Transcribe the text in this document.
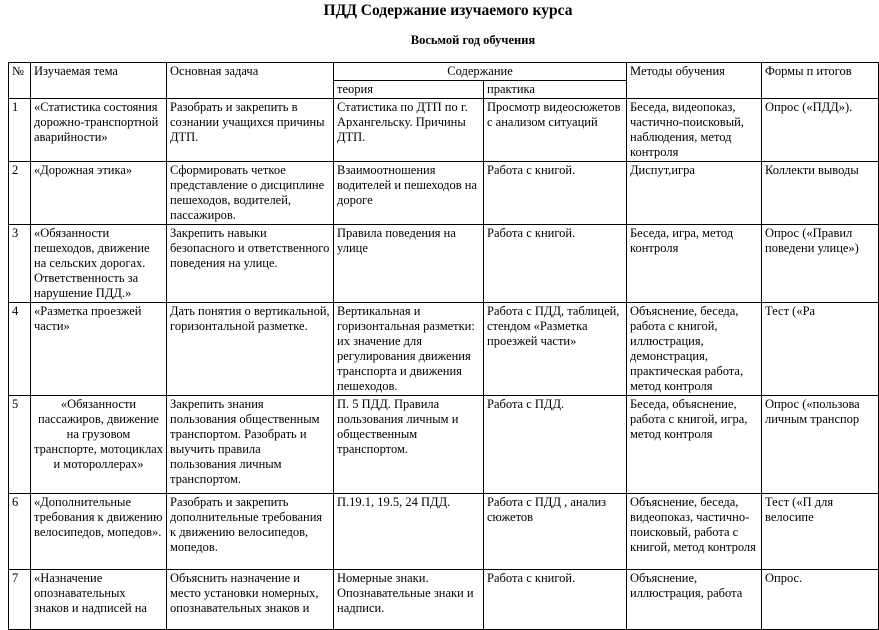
ПДД Содержание изучаемого курса
Восьмой год обучения
№	Изучаемая тема	Основная задача	Содержание		Методы обучения	Формы п итогов
			теория	практика		
1	«Статистика состояния дорожно-транспортной аварийности»	Разобрать и закрепить в сознании учащихся причины ДТП.	Статистика по ДТП по г. Архангельску. Причины ДТП.	Просмотр видеосюжетов с анализом ситуаций	Беседа, видеопоказ, частично-поисковый, наблюдения, метод контроля	Опрос («ПДД»).
2	«Дорожная этика»	Сформировать четкое представление о дисциплине пешеходов, водителей, пассажиров.	Взаимоотношения водителей и пешеходов на дороге	Работа с книгой.	Диспут,игра	Коллекти выводы
3	«Обязанности пешеходов, движение на сельских дорогах. Ответственность за нарушение ПДД.»	Закрепить навыки безопасного и ответственного поведения на улице.	Правила поведения на улице	Работа с книгой.	Беседа, игра, метод контроля	Опрос («Правил поведени улице»)
4	«Разметка проезжей части»	Дать понятия о вертикальной, горизонтальной разметке.	Вертикальная и горизонтальная разметки: их значение для регулирования движения транспорта и движения пешеходов.	Работа с ПДД, таблицей, стендом «Разметка проезжей части»	Объяснение, беседа, работа с книгой, иллюстрация, демонстрация, практическая работа, метод контроля	Тест («Ра
5	«Обязанности пассажиров, движение на грузовом транспорте, мотоциклах и мотороллерах»	Закрепить знания пользования общественным транспортом. Разобрать и выучить правила пользования личным транспортом.	П. 5 ПДД. Правила пользования личным и общественным транспортом.	Работа с ПДД.	Беседа, объяснение, работа с книгой, игра, метод контроля	Опрос («пользова личным транспор
6	«Дополнительные требования к движению велосипедов, мопедов».	Разобрать и закрепить дополнительные требования к движению велосипедов, мопедов.	П.19.1, 19.5, 24 ПДД.	Работа с ПДД , анализ сюжетов	Объяснение, беседа, видеопоказ, частично-поисковый, работа с книгой, метод контроля	Тест («П для велосипе
7	«Назначение опознавательных знаков и надписей на	Объяснить назначение и место установки номерных, опознавательных знаков и	Номерные знаки. Опознавательные знаки и надписи.	Работа с книгой.	Объяснение, иллюстрация, работа	Опрос.
